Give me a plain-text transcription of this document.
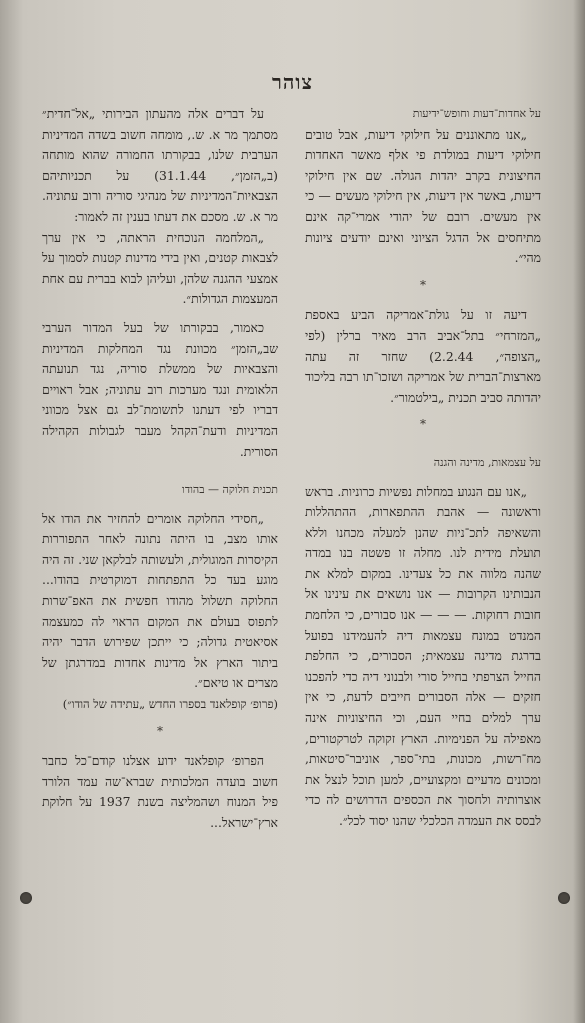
צוהר

על אחדות־דעות וחופש־ידיעות

„אנו מתאוננים על חילוקי דיעות, אבל טובים חילוקי דיעות במולדת פי אלף מאשר האחדות החיצונית בקרב יהדות הגולה. שם אין חילוקי דיעות, באשר אין דיעות, אין חילוקי מעשים — כי אין מעשים. רובם של יהודי אמרי־קה אינם מתיחסים אל הדגל הציוני ואינם יודעים ציונות מהי״.

*

דיעה זו על גולת־אמריקה הביע באספת „המזרחי״ בתל־אביב הרב מאיר ברלין (לפי „הצופה״, 2.2.44) שחזר זה עתה מארצות־הברית של אמריקה ושזכו־תו רבה בליכוד יהדותה סביב תכנית „בילטמור״.

*

על עצמאות, מדינה והגנה

„אנו עם הנגוע במחלות נפשיות כרוניות. בראש וראשונה — אהבת ההתפארות, ההתהללות והשאיפה לתכ־ניות שהנן למעלה מכחנו וללא תועלת מידית לנו. מחלה זו פשטה בנו במדה שהנה מלווה את כל צעדינו. במקום למלא את הנבותינו הקרובות — אנו נושאים את עינינו אל חובות רחוקות. — — — אנו סבורים, כי הלחמת המנדט במונח עצמאות דיה להעמידנו בפועל בדרגת מדינה עצמאית; הסבורים, כי החלפת החייל הצרפתי בחייל סורי ולבנוני דיה כדי להפכנו חזקים — אלה הסבורים חייבים לדעת, כי אין ערך למלים בחיי העם, וכי החיצוניות אינה מאפילה על הפנימיות. הארץ זקוקה לטרקטורים, מח־רשות, מכונות, בתי־ספר, אוניבר־סיטאות, ומכונים מדעיים ומקצועיים, למען תוכל לנצל את אוצרותיה ולחסוך את הכספים הדרושים לה כדי לבסס את העמדה הכלכלי שהנו יסוד לכל״.

על דברים אלה מהעתון הבירותי „אל־חדית״ מסתמך מר א. ש., מומחה חשוב בשדה המדיניות הערבית שלנו, בבקורתו החמורה שהוא מותחה (ב„הזמן״, 31.1.44) על תכניותיהם הצבאיות־המדיניות של מנהיגי סוריה ורוב עתוניה. מר א. ש. מסכם את דעתו בענין זה לאמור:

„המלחמה הנוכחית הראתה, כי אין ערך לצבאות קטנים, ואין בידי מדינות קטנות לסמוך על אמצעי ההגנה שלהן, ועליהן לבוא בברית עם אחת המעצמות הגדולות״.

כאמור, בבקורתו של בעל המדור הערבי שב„הזמן״ מכוונת נגד המחלקות המדיניות והצבאיות של ממשלת סוריה, נגד תנועתה הלאומית ונגד מערכות רוב עתוניה; אבל ראויים דבריו לפי דעתנו לתשומת־לב גם אצל מכווני המדיניות ודעת־הקהל מעבר לגבולות הקהילה הסורית.

תכנית חלוקה — בהודו

„חסידי החלוקה אומרים להחזיר את הודו אל אותו מצב, בו היתה נתונה לאחר התפוררות הקיסרות המוגולית, ולעשותה לבלקאן שני. זה היה מוגע בעד כל התפתחות דמוקרטית בהודו... החלוקה תשלול מהודו חפשית את האפ־שרות לתפוס בעולם את המקום הראוי לה כמעצמה אסיאטית גדולה; כי ייתכן שפירוש הדבר יהיה ביתור הארץ אל מדינות אחדות במדרגתן של מצרים או טיאם״.

(פרופ׳ קופלאנד בספרו החדש „עתידה של הודו״)

*

הפרופ׳ קופלאנד ידוע אצלנו קודם־כל כחבר חשוב בועדה המלכותית שברא־שה עמד הלורד פיל המנוח ושהמליצה בשנת 1937 על חלוקת ארץ־ישראל...
